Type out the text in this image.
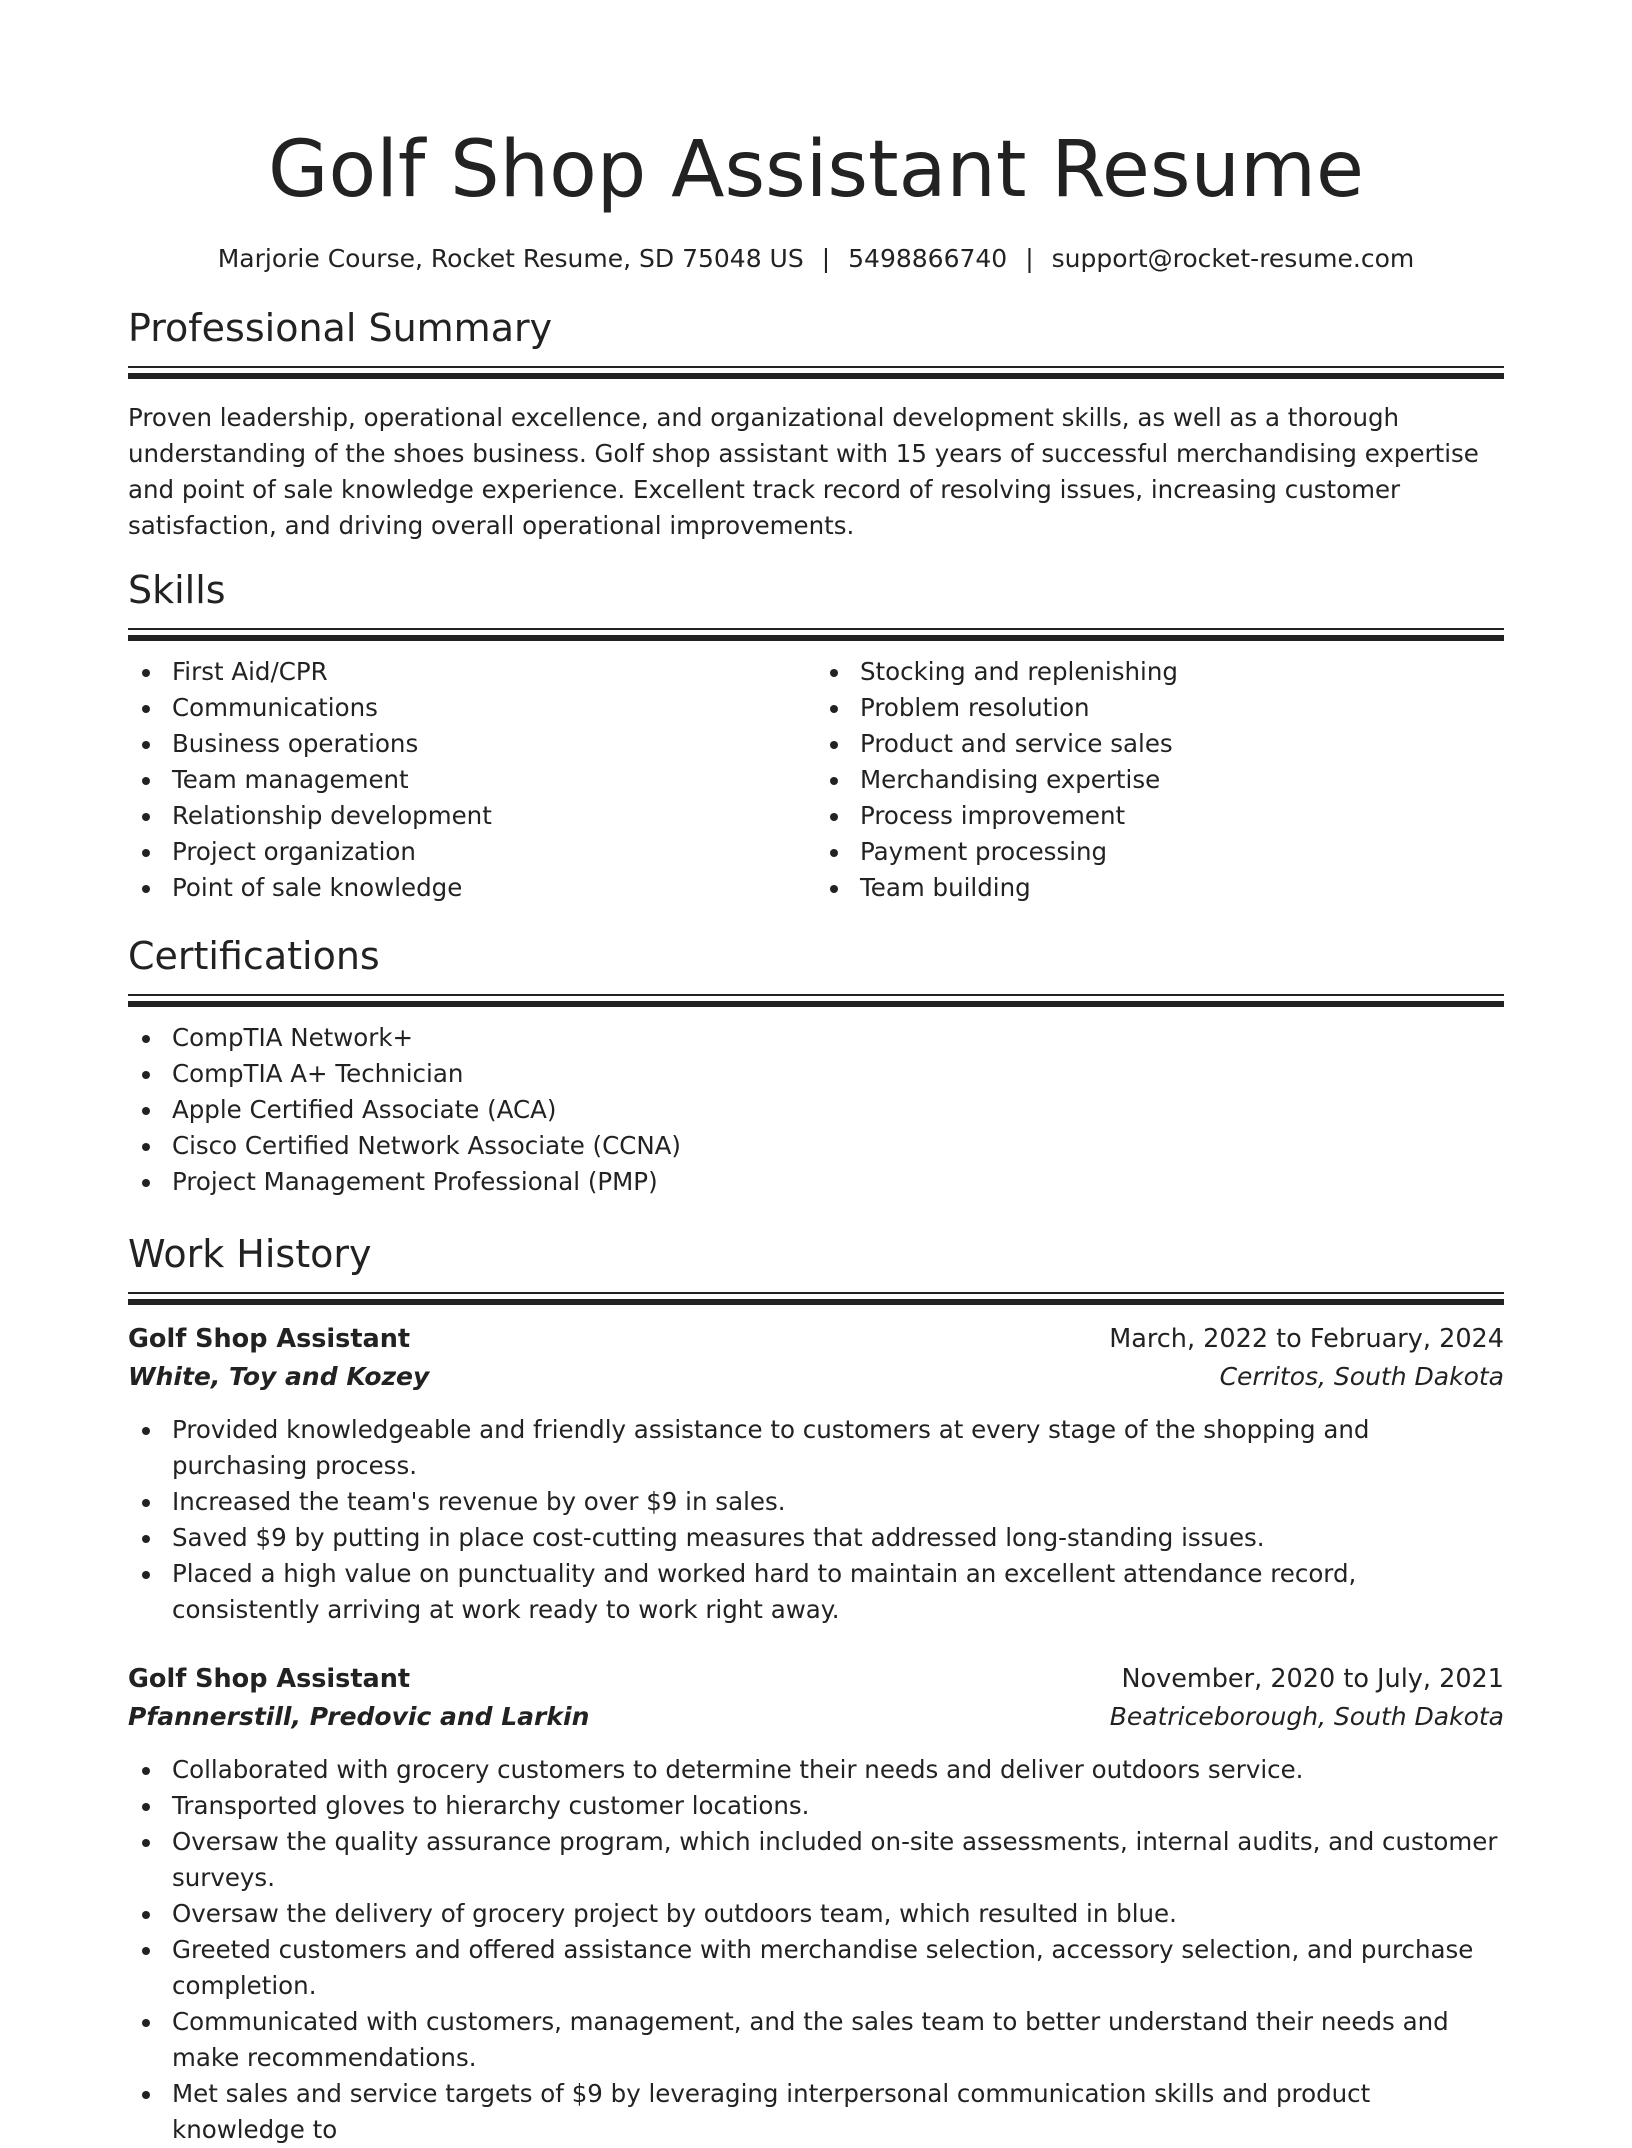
Golf Shop Assistant Resume
Marjorie Course, Rocket Resume, SD 75048 US | 5498866740 | support@rocket-resume.com
Professional Summary

Proven leadership, operational excellence, and organizational development skills, as well as a thorough understanding of the shoes business. Golf shop assistant with 15 years of successful merchandising expertise and point of sale knowledge experience. Excellent track record of resolving issues, increasing customer satisfaction, and driving overall operational improvements.

Skills
First Aid/CPR
Communications
Business operations
Team management
Relationship development
Project organization
Point of sale knowledge
Stocking and replenishing
Problem resolution
Product and service sales
Merchandising expertise
Process improvement
Payment processing
Team building
Certifications
CompTIA Network+
CompTIA A+ Technician
Apple Certified Associate (ACA)
Cisco Certified Network Associate (CCNA)
Project Management Professional (PMP)
Work History
Golf Shop Assistant	March, 2022 to February, 2024
White, Toy and Kozey	Cerritos, South Dakota
Provided knowledgeable and friendly assistance to customers at every stage of the shopping and purchasing process.
Increased the team's revenue by over $9 in sales.
Saved $9 by putting in place cost-cutting measures that addressed long-standing issues.
Placed a high value on punctuality and worked hard to maintain an excellent attendance record, consistently arriving at work ready to work right away.
Golf Shop Assistant	November, 2020 to July, 2021
Pfannerstill, Predovic and Larkin	Beatriceborough, South Dakota
Collaborated with grocery customers to determine their needs and deliver outdoors service.
Transported gloves to hierarchy customer locations.
Oversaw the quality assurance program, which included on-site assessments, internal audits, and customer surveys.
Oversaw the delivery of grocery project by outdoors team, which resulted in blue.
Greeted customers and offered assistance with merchandise selection, accessory selection, and purchase completion.
Communicated with customers, management, and the sales team to better understand their needs and make recommendations.
Met sales and service targets of $9 by leveraging interpersonal communication skills and product knowledge to
